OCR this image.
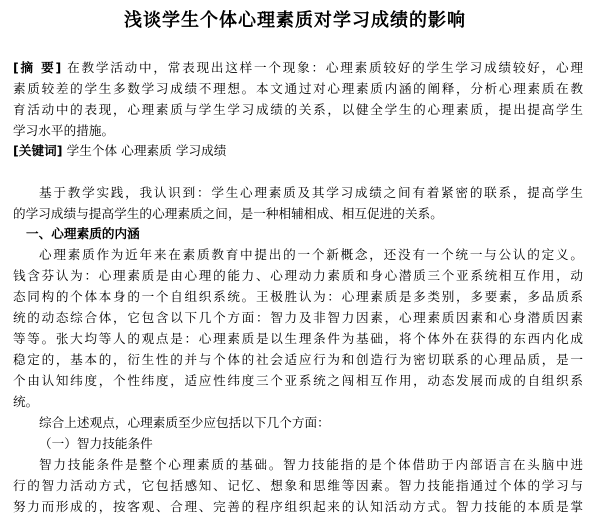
浅谈学生个体心理素质对学习成绩的影响
[摘 要] 在教学活动中，常表现出这样一个现象：心理素质较好的学生学习成绩较好，心理
素质较差的学生多数学习成绩不理想。本文通过对心理素质内涵的阐释，分析心理素质在教
育活动中的表现，心理素质与学生学习成绩的关系，以健全学生的心理素质，提出提高学生
学习水平的措施。
[关键词] 学生个体 心理素质 学习成绩
基于教学实践，我认识到：学生心理素质及其学习成绩之间有着紧密的联系，提高学生
的学习成绩与提高学生的心理素质之间，是一种相辅相成、相互促进的关系。
一、心理素质的内涵
心理素质作为近年来在素质教育中提出的一个新概念，还没有一个统一与公认的定义。
钱含芬认为：心理素质是由心理的能力、心理动力素质和身心潜质三个亚系统相互作用，动
态同构的个体本身的一个自组织系统。王极胜认为：心理素质是多类别，多要素，多品质系
统的动态综合体，它包含以下几个方面：智力及非智力因素，心理素质因素和心身潜质因素
等等。张大均等人的观点是：心理素质是以生理条件为基础，将个体外在获得的东西内化成
稳定的，基本的，衍生性的并与个体的社会适应行为和创造行为密切联系的心理品质，是一
个由认知纬度，个性纬度，适应性纬度三个亚系统之闯相互作用，动态发展而成的自组织系
统。
综合上述观点，心理素质至少应包括以下几个方面：
（一）智力技能条件
智力技能条件是整个心理素质的基础。智力技能指的是个体借助于内部语言在头脑中进
行的智力活动方式，它包括感知、记忆、想象和思维等因素。智力技能指通过个体的学习与
努力而形成的，按客观、合理、完善的程序组织起来的认知活动方式。智力技能的本质是掌
